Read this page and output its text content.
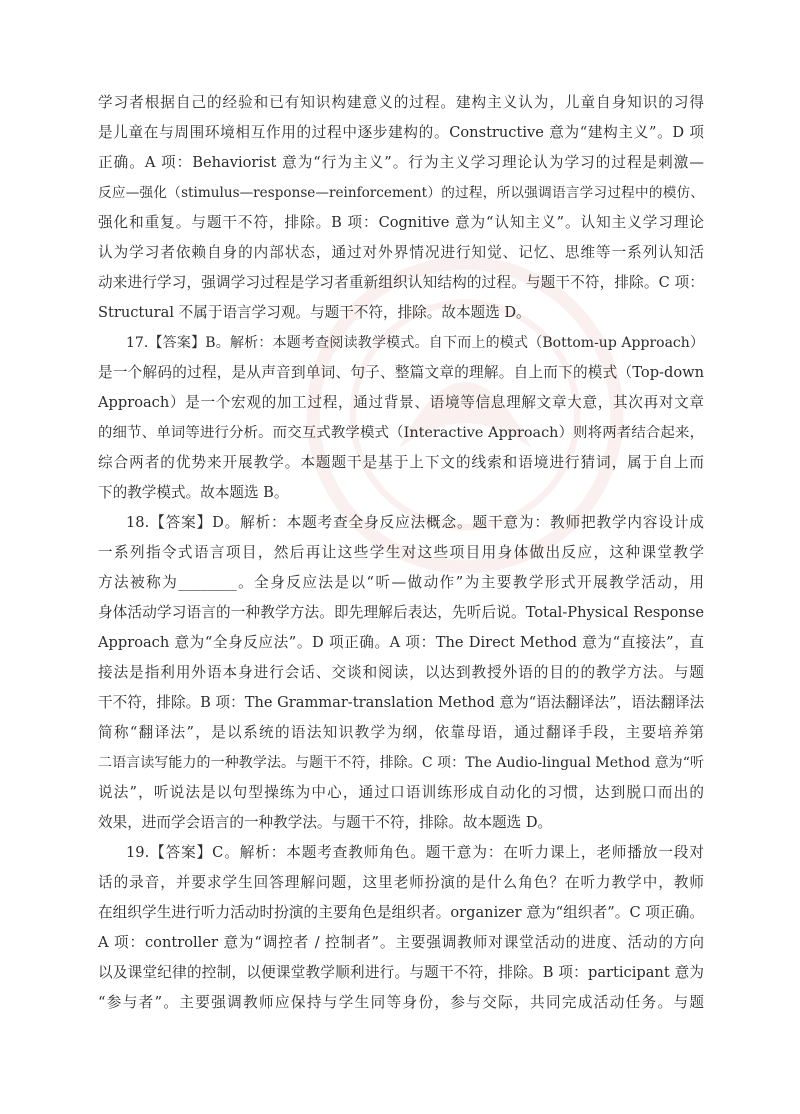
学习者根据自己的经验和已有知识构建意义的过程。建构主义认为，儿童自身知识的习得
是儿童在与周围环境相互作用的过程中逐步建构的。Constructive 意为“建构主义”。D 项
正确。A 项：Behaviorist 意为“行为主义”。行为主义学习理论认为学习的过程是刺激—
反应—强化（stimulus—response—reinforcement）的过程，所以强调语言学习过程中的模仿、
强化和重复。与题干不符，排除。B 项：Cognitive 意为“认知主义”。认知主义学习理论
认为学习者依赖自身的内部状态，通过对外界情况进行知觉、记忆、思维等一系列认知活
动来进行学习，强调学习过程是学习者重新组织认知结构的过程。与题干不符，排除。C 项：
Structural 不属于语言学习观。与题干不符，排除。故本题选 D。
17.【答案】B。解析：本题考查阅读教学模式。自下而上的模式（Bottom-up Approach）
是一个解码的过程，是从声音到单词、句子、整篇文章的理解。自上而下的模式（Top-down
Approach）是一个宏观的加工过程，通过背景、语境等信息理解文章大意，其次再对文章
的细节、单词等进行分析。而交互式教学模式（Interactive Approach）则将两者结合起来，
综合两者的优势来开展教学。本题题干是基于上下文的线索和语境进行猜词，属于自上而
下的教学模式。故本题选 B。
18.【答案】D。解析：本题考查全身反应法概念。题干意为：教师把教学内容设计成
一系列指令式语言项目，然后再让这些学生对这些项目用身体做出反应，这种课堂教学
方法被称为________。全身反应法是以“听—做动作”为主要教学形式开展教学活动，用
身体活动学习语言的一种教学方法。即先理解后表达，先听后说。Total-Physical Response
Approach 意为“全身反应法”。D 项正确。A 项：The Direct Method 意为“直接法”，直
接法是指利用外语本身进行会话、交谈和阅读，以达到教授外语的目的的教学方法。与题
干不符，排除。B 项：The Grammar-translation Method 意为“语法翻译法”，语法翻译法
简称“翻译法”，是以系统的语法知识教学为纲，依靠母语，通过翻译手段，主要培养第
二语言读写能力的一种教学法。与题干不符，排除。C 项：The Audio-lingual Method 意为“听
说法”，听说法是以句型操练为中心，通过口语训练形成自动化的习惯，达到脱口而出的
效果，进而学会语言的一种教学法。与题干不符，排除。故本题选 D。
19.【答案】C。解析：本题考查教师角色。题干意为：在听力课上，老师播放一段对
话的录音，并要求学生回答理解问题，这里老师扮演的是什么角色？在听力教学中，教师
在组织学生进行听力活动时扮演的主要角色是组织者。organizer 意为“组织者”。C 项正确。
A 项：controller 意为“调控者 / 控制者”。主要强调教师对课堂活动的进度、活动的方向
以及课堂纪律的控制，以便课堂教学顺利进行。与题干不符，排除。B 项：participant 意为
“参与者”。主要强调教师应保持与学生同等身份，参与交际，共同完成活动任务。与题
